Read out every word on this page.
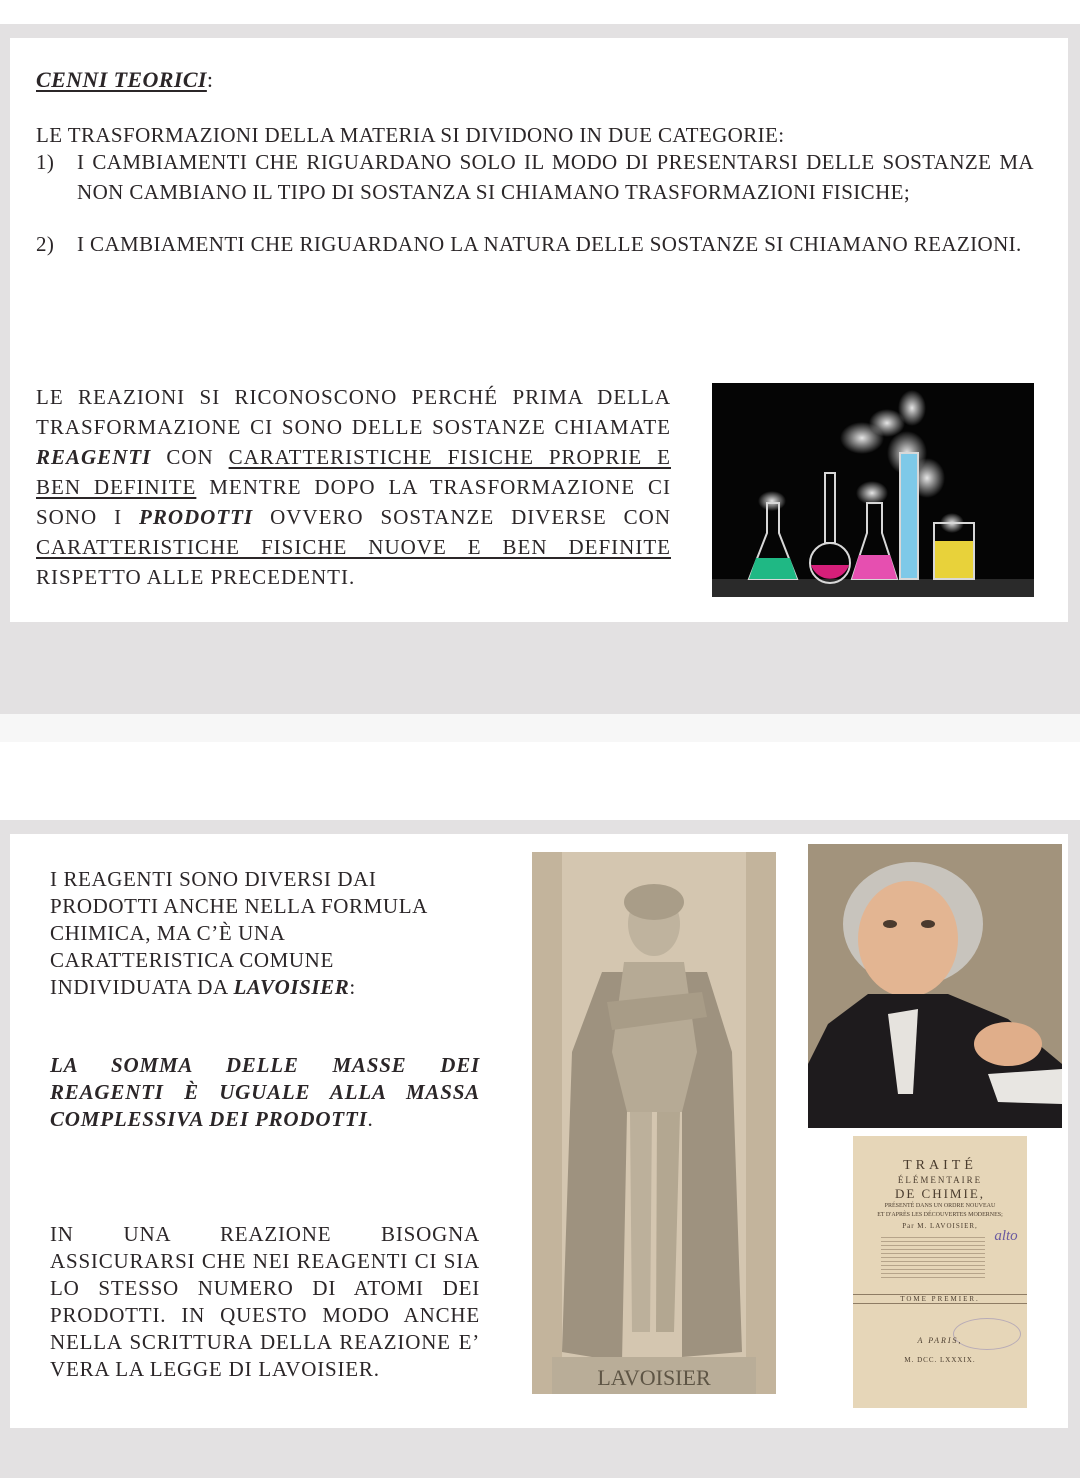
CENNI TEORICI:
LE TRASFORMAZIONI DELLA MATERIA SI DIVIDONO IN DUE CATEGORIE:
1) I CAMBIAMENTI CHE RIGUARDANO SOLO IL MODO DI PRESENTARSI DELLE SOSTANZE MA NON CAMBIANO IL TIPO DI SOSTANZA SI CHIAMANO TRASFORMAZIONI FISICHE;
2) I CAMBIAMENTI CHE RIGUARDANO LA NATURA DELLE SOSTANZE SI CHIAMANO REAZIONI.
LE REAZIONI SI RICONOSCONO PERCHÉ PRIMA DELLA TRASFORMAZIONE CI SONO DELLE SOSTANZE CHIAMATE REAGENTI CON CARATTERISTICHE FISICHE PROPRIE E BEN DEFINITE MENTRE DOPO LA TRASFORMAZIONE CI SONO I PRODOTTI OVVERO SOSTANZE DIVERSE CON CARATTERISTICHE FISICHE NUOVE E BEN DEFINITE RISPETTO ALLE PRECEDENTI.
I REAGENTI SONO DIVERSI DAI PRODOTTI ANCHE NELLA FORMULA CHIMICA, MA C’È UNA CARATTERISTICA COMUNE INDIVIDUATA DA LAVOISIER:
LA SOMMA DELLE MASSE DEI REAGENTI È UGUALE ALLA MASSA COMPLESSIVA DEI PRODOTTI.
IN UNA REAZIONE BISOGNA ASSICURARSI CHE NEI REAGENTI CI SIA LO STESSO NUMERO DI ATOMI DEI PRODOTTI. IN QUESTO MODO ANCHE NELLA SCRITTURA DELLA REAZIONE E’ VERA LA LEGGE DI LAVOISIER.	LAVOISIER
TRAITÉ
ÉLÉMENTAIRE
DE CHIMIE,
PRÉSENTÉ DANS UN ORDRE NOUVEAU
ET D'APRÈS LES DÉCOUVERTES MODERNES;
Par M. LAVOISIER,
alto
TOME PREMIER.
A PARIS,
M. DCC. LXXXIX.
